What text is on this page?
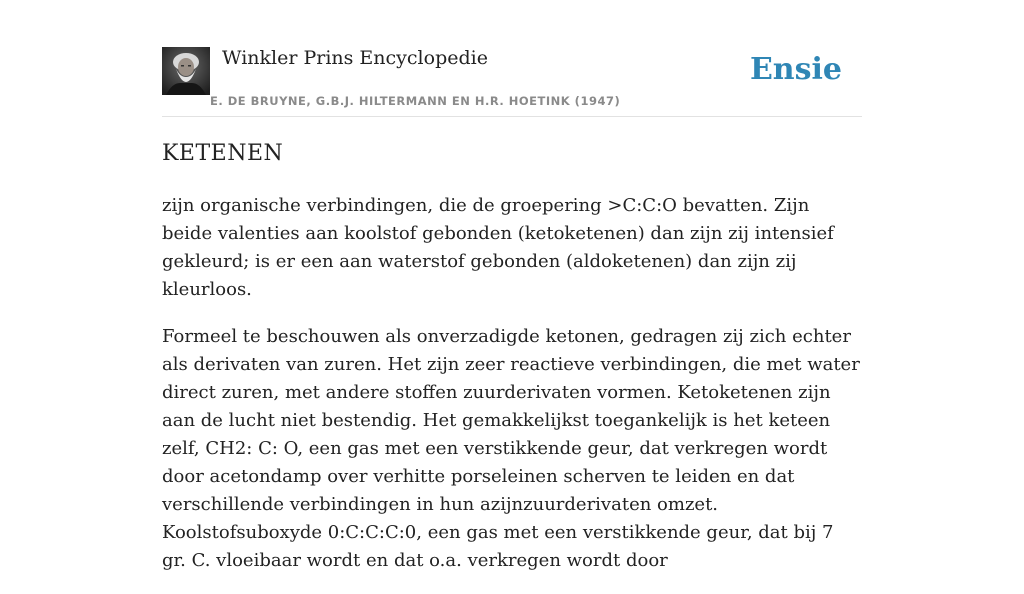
Winkler Prins Encyclopedie
E. DE BRUYNE, G.B.J. HILTERMANN EN H.R. HOETINK (1947)
Ensie
KETENEN

zijn organische verbindingen, die de groepering >C:C:O bevatten. Zijn beide valenties aan koolstof gebonden (ketoketenen) dan zijn zij intensief gekleurd; is er een aan waterstof gebonden (aldoketenen) dan zijn zij kleurloos.

Formeel te beschouwen als onverzadigde ketonen, gedragen zij zich echter als derivaten van zuren. Het zijn zeer reactieve verbindingen, die met water direct zuren, met andere stoffen zuurderivaten vormen. Ketoketenen zijn aan de lucht niet bestendig. Het gemakkelijkst toegankelijk is het keteen zelf, CH2: C: O, een gas met een verstikkende geur, dat verkregen wordt door acetondamp over verhitte porseleinen scherven te leiden en dat verschillende verbindingen in hun azijnzuurderivaten omzet. Koolstofsuboxyde 0:C:C:C:0, een gas met een verstikkende geur, dat bij 7 gr. C. vloeibaar wordt en dat o.a. verkregen wordt door
